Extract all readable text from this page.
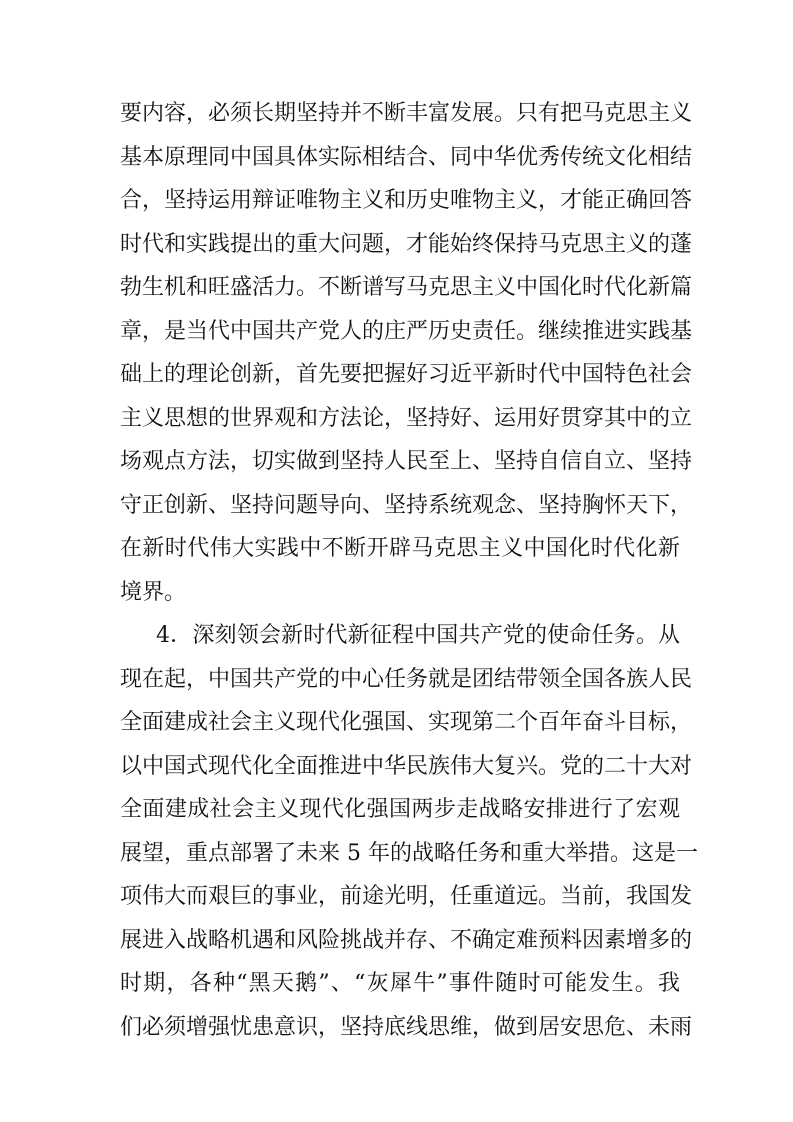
要内容，必须长期坚持并不断丰富发展。只有把马克思主义
基本原理同中国具体实际相结合、同中华优秀传统文化相结
合，坚持运用辩证唯物主义和历史唯物主义，才能正确回答
时代和实践提出的重大问题，才能始终保持马克思主义的蓬
勃生机和旺盛活力。不断谱写马克思主义中国化时代化新篇
章，是当代中国共产党人的庄严历史责任。继续推进实践基
础上的理论创新，首先要把握好习近平新时代中国特色社会
主义思想的世界观和方法论，坚持好、运用好贯穿其中的立
场观点方法，切实做到坚持人民至上、坚持自信自立、坚持
守正创新、坚持问题导向、坚持系统观念、坚持胸怀天下，
在新时代伟大实践中不断开辟马克思主义中国化时代化新
境界。
4．深刻领会新时代新征程中国共产党的使命任务。从
现在起，中国共产党的中心任务就是团结带领全国各族人民
全面建成社会主义现代化强国、实现第二个百年奋斗目标，
以中国式现代化全面推进中华民族伟大复兴。党的二十大对
全面建成社会主义现代化强国两步走战略安排进行了宏观
展望，重点部署了未来 5 年的战略任务和重大举措。这是一
项伟大而艰巨的事业，前途光明，任重道远。当前，我国发
展进入战略机遇和风险挑战并存、不确定难预料因素增多的
时期，各种“黑天鹅”、“灰犀牛”事件随时可能发生。我
们必须增强忧患意识，坚持底线思维，做到居安思危、未雨
